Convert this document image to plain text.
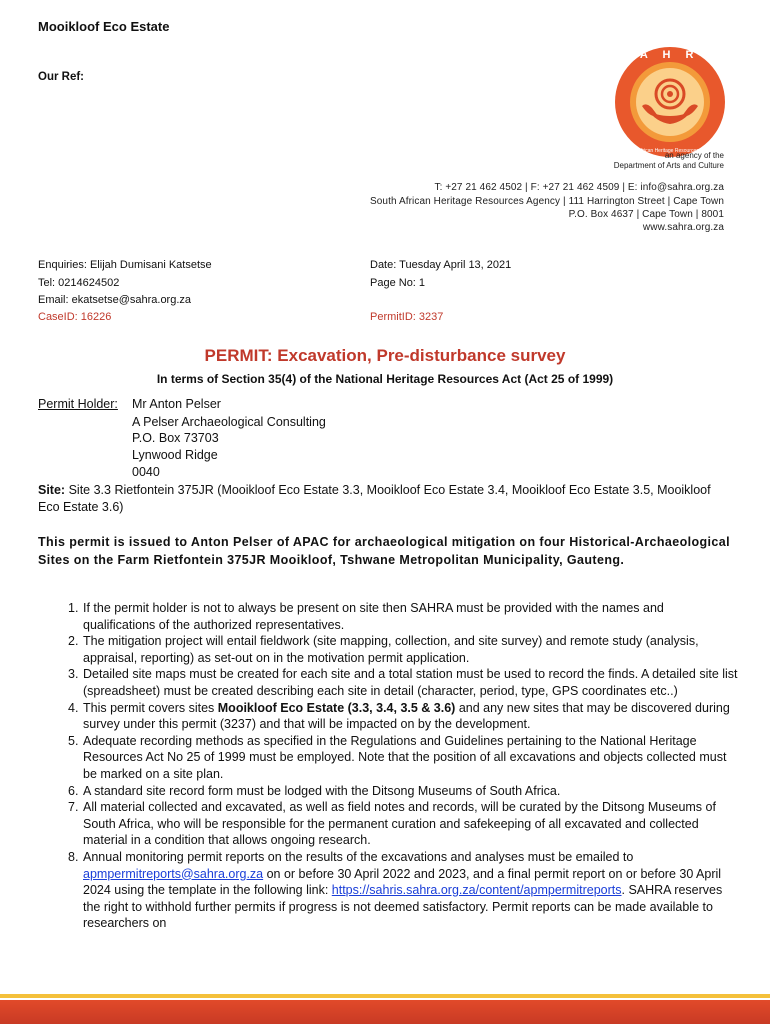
Mooikloof Eco Estate
Our Ref:
S A H R A
South African Heritage Resources Agency
an agency of the
Department of Arts and Culture
T: +27 21 462 4502 | F: +27 21 462 4509 | E: info@sahra.org.za
South African Heritage Resources Agency | 111 Harrington Street | Cape Town
P.O. Box 4637 | Cape Town | 8001
www.sahra.org.za
Enquiries: Elijah Dumisani Katsetse
Tel: 0214624502
Email: ekatsetse@sahra.org.za
CaseID: 16226
Date: Tuesday April 13, 2021
Page No: 1
PermitID: 3237
PERMIT: Excavation, Pre-disturbance survey
In terms of Section 35(4) of the National Heritage Resources Act (Act 25 of 1999)
Permit Holder: Mr Anton Pelser
A Pelser Archaeological Consulting
P.O. Box 73703
Lynwood Ridge
0040
Site: Site 3.3 Rietfontein 375JR (Mooikloof Eco Estate 3.3, Mooikloof Eco Estate 3.4, Mooikloof Eco Estate 3.5, Mooikloof Eco Estate 3.6)
This permit is issued to Anton Pelser of APAC for archaeological mitigation on four Historical-Archaeological Sites on the Farm Rietfontein 375JR Mooikloof, Tshwane Metropolitan Municipality, Gauteng.
1. If the permit holder is not to always be present on site then SAHRA must be provided with the names and qualifications of the authorized representatives.
2. The mitigation project will entail fieldwork (site mapping, collection, and site survey) and remote study (analysis, appraisal, reporting) as set-out on in the motivation permit application.
3. Detailed site maps must be created for each site and a total station must be used to record the finds. A detailed site list (spreadsheet) must be created describing each site in detail (character, period, type, GPS coordinates etc..)
4. This permit covers sites Mooikloof Eco Estate (3.3, 3.4, 3.5 & 3.6) and any new sites that may be discovered during survey under this permit (3237) and that will be impacted on by the development.
5. Adequate recording methods as specified in the Regulations and Guidelines pertaining to the National Heritage Resources Act No 25 of 1999 must be employed. Note that the position of all excavations and objects collected must be marked on a site plan.
6. A standard site record form must be lodged with the Ditsong Museums of South Africa.
7. All material collected and excavated, as well as field notes and records, will be curated by the Ditsong Museums of South Africa, who will be responsible for the permanent curation and safekeeping of all excavated and collected material in a condition that allows ongoing research.
8. Annual monitoring permit reports on the results of the excavations and analyses must be emailed to apmpermitreports@sahra.org.za on or before 30 April 2022 and 2023, and a final permit report on or before 30 April 2024 using the template in the following link: https://sahris.sahra.org.za/content/apmpermitreports. SAHRA reserves the right to withhold further permits if progress is not deemed satisfactory. Permit reports can be made available to researchers on
